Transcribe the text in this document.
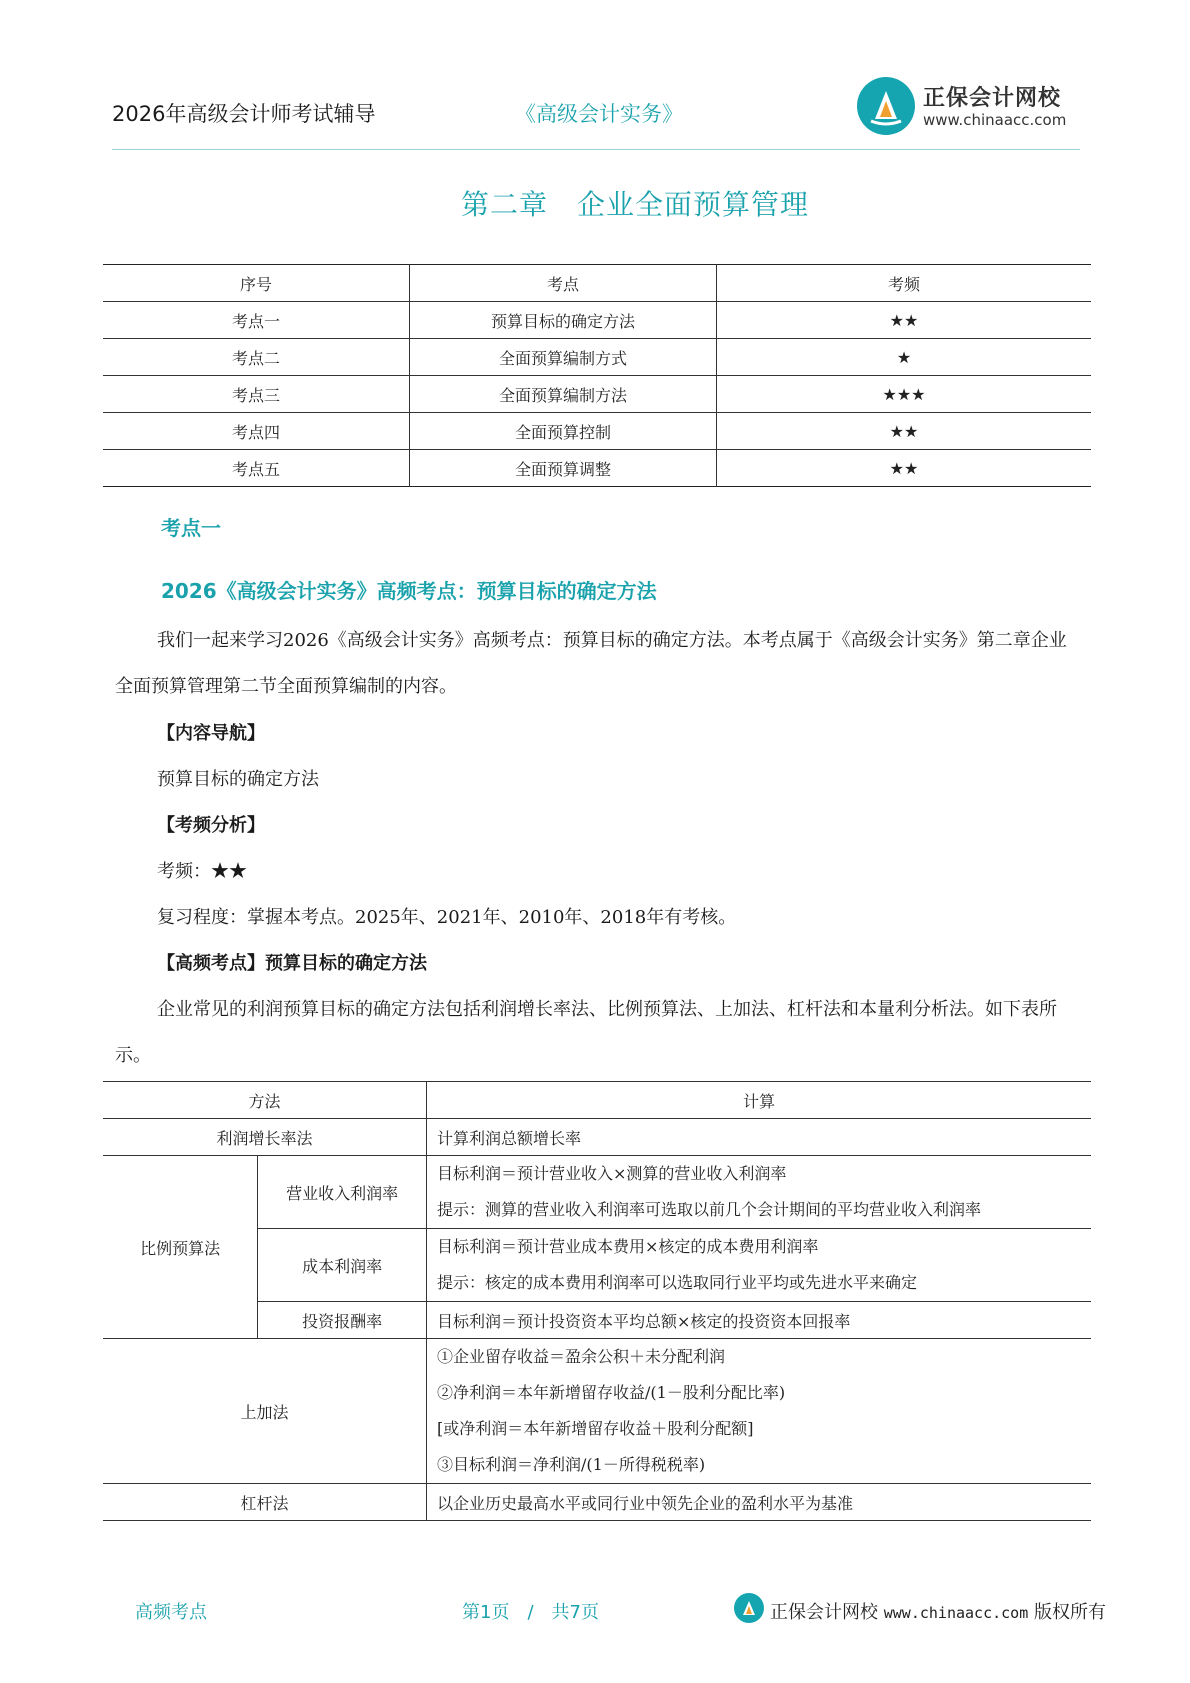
2026年高级会计师考试辅导	《高级会计实务》
正保会计网校
www.chinaacc.com

第二章　企业全面预算管理
序号	考点	考频
考点一	预算目标的确定方法	★★
考点二	全面预算编制方式	★
考点三	全面预算编制方法	★★★
考点四	全面预算控制	★★
考点五	全面预算调整	★★
考点一
2026《高级会计实务》高频考点：预算目标的确定方法
我们一起来学习2026《高级会计实务》高频考点：预算目标的确定方法。本考点属于《高级会计实务》第二章企业全面预算管理第二节全面预算编制的内容。
【内容导航】
预算目标的确定方法
【考频分析】
考频：★★
复习程度：掌握本考点。2025年、2021年、2010年、2018年有考核。
【高频考点】预算目标的确定方法
企业常见的利润预算目标的确定方法包括利润增长率法、比例预算法、上加法、杠杆法和本量利分析法。如下表所示。
方法		计算
利润增长率法		计算利润总额增长率
比例预算法	营业收入利润率	目标利润＝预计营业收入×测算的营业收入利润率
提示：测算的营业收入利润率可选取以前几个会计期间的平均营业收入利润率

	成本利润率	目标利润＝预计营业成本费用×核定的成本费用利润率
提示：核定的成本费用利润率可以选取同行业平均或先进水平来确定

	投资报酬率	目标利润＝预计投资资本平均总额×核定的投资资本回报率
上加法		①企业留存收益＝盈余公积＋未分配利润
②净利润＝本年新增留存收益/(1－股利分配比率)
[或净利润＝本年新增留存收益＋股利分配额]
③目标利润＝净利润/(1－所得税税率)

杠杆法		以企业历史最高水平或同行业中领先企业的盈利水平为基准
高频考点	第1页　/　共7页	正保会计网校 www.chinaacc.com 版权所有
